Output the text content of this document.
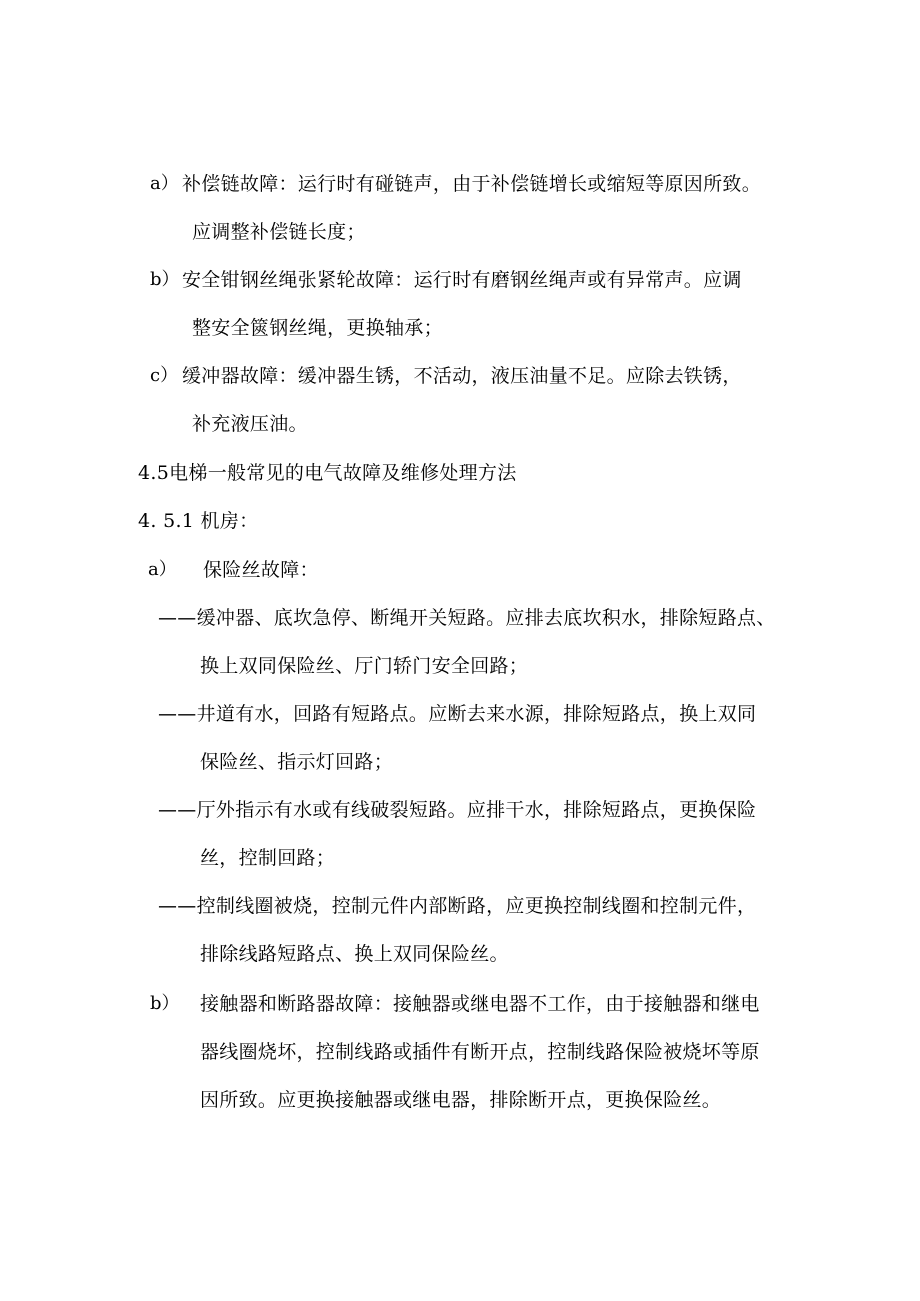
a） 补偿链故障：运行时有碰链声，由于补偿链增长或缩短等原因所致。
应调整补偿链长度；
b） 安全钳钢丝绳张紧轮故障：运行时有磨钢丝绳声或有异常声。应调
整安全篋钢丝绳，更换轴承；
c） 缓冲器故障：缓冲器生锈，不活动，液压油量不足。应除去铁锈，
补充液压油。
4.5电梯一般常见的电气故障及维修处理方法
4. 5.1 机房：
a） 保险丝故障：
——缓冲器、底坎急停、断绳开关短路。应排去底坎积水，排除短路点、
换上双同保险丝、厅门轿门安全回路；
——井道有水，回路有短路点。应断去来水源，排除短路点，换上双同
保险丝、指示灯回路；
——厅外指示有水或有线破裂短路。应排干水，排除短路点，更换保险
丝，控制回路；
——控制线圈被烧，控制元件内部断路，应更换控制线圈和控制元件，
排除线路短路点、换上双同保险丝。
b） 接触器和断路器故障：接触器或继电器不工作，由于接触器和继电
器线圈烧坏，控制线路或插件有断开点，控制线路保险被烧坏等原
因所致。应更换接触器或继电器，排除断开点，更换保险丝。
